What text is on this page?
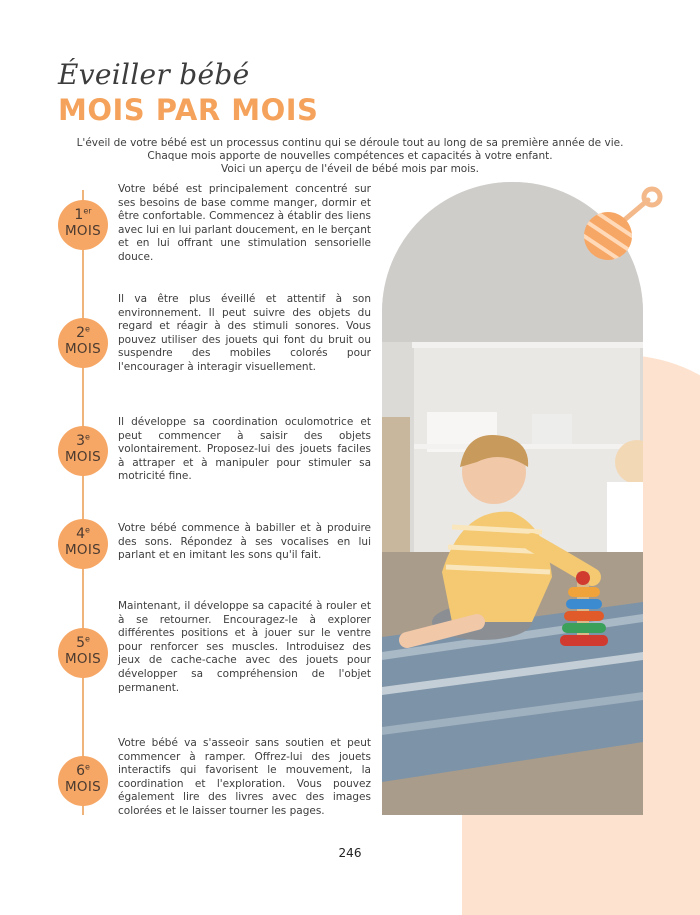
Éveiller bébé
MOIS PAR MOIS

L'éveil de votre bébé est un processus continu qui se déroule tout au long de sa première année de vie.

Chaque mois apporte de nouvelles compétences et capacités à votre enfant.

Voici un aperçu de l'éveil de bébé mois par mois.

1er
MOIS

Votre bébé est principalement concentré sur ses besoins de base comme manger, dormir et être confortable. Commencez à établir des liens avec lui en lui parlant doucement, en le berçant et en lui offrant une stimulation sensorielle douce.

2e
MOIS

Il va être plus éveillé et attentif à son environnement. Il peut suivre des objets du regard et réagir à des stimuli sonores. Vous pouvez utiliser des jouets qui font du bruit ou suspendre des mobiles colorés pour l'encourager à interagir visuellement.

3e
MOIS

Il développe sa coordination oculomotrice et peut commencer à saisir des objets volontairement. Proposez-lui des jouets faciles à attraper et à manipuler pour stimuler sa motricité fine.

4e
MOIS

Votre bébé commence à babiller et à produire des sons. Répondez à ses vocalises en lui parlant et en imitant les sons qu'il fait.

5e
MOIS

Maintenant, il développe sa capacité à rouler et à se retourner. Encouragez-le à explorer différentes positions et à jouer sur le ventre pour renforcer ses muscles. Introduisez des jeux de cache-cache avec des jouets pour développer sa compréhension de l'objet permanent.

6e
MOIS

Votre bébé va s'asseoir sans soutien et peut commencer à ramper. Offrez-lui des jouets interactifs qui favorisent le mouvement, la coordination et l'exploration. Vous pouvez également lire des livres avec des images colorées et le laisser tourner les pages.

246
